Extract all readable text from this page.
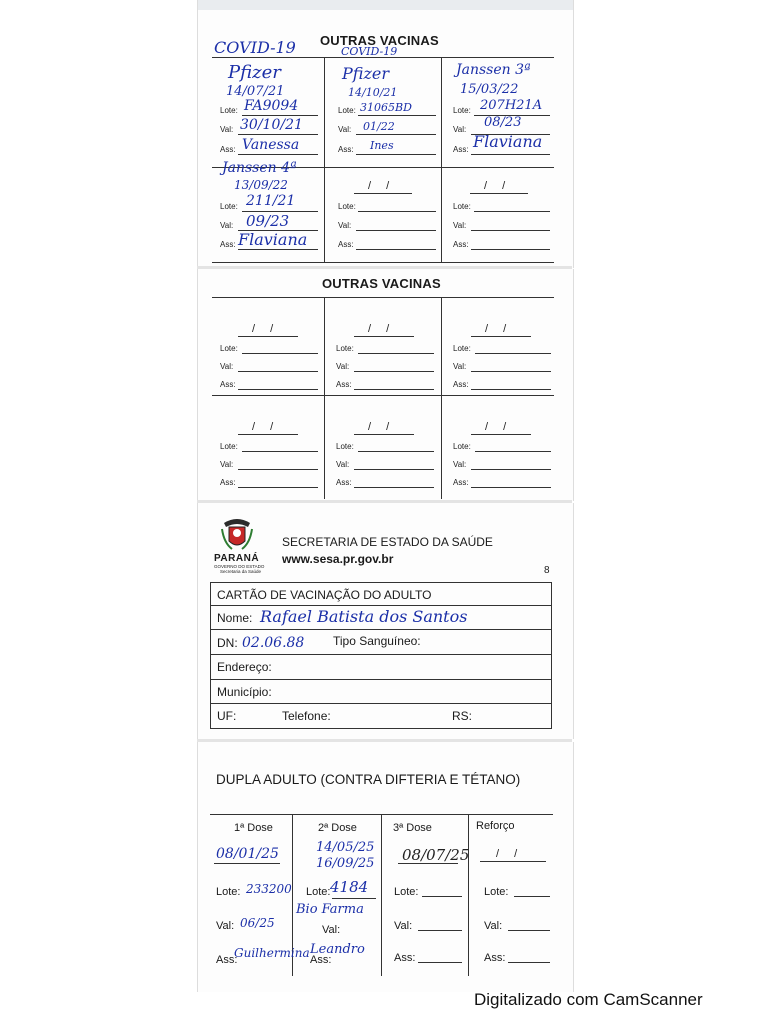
OUTRAS VACINAS
COVID-19	COVID-19
Pfizer
14/07/21
Lote: FA9094
Val: 30/10/21
Ass: Vanessa
Pfizer
14/10/21
Lote: 31065BD
Val: 01/22
Ass: Ines
Janssen 3ª
15/03/22
Lote: 207H21A
Val: 08/23
Ass: Flaviana
Janssen 4ª
13/09/22
Lote: 211/21
Val: 09/23
Ass: Flaviana
/ /
Lote:
Val:
Ass:
/ /
Lote:
Val:
Ass:
OUTRAS VACINAS
/ /
Lote:
Val:
Ass:
/ /
Lote:
Val:
Ass:
/ /
Lote:
Val:
Ass:
/ /
Lote:
Val:
Ass:
/ /
Lote:
Val:
Ass:
/ /
Lote:
Val:
Ass:
PARANÁ
GOVERNO DO ESTADO
Secretaria da Saúde
SECRETARIA DE ESTADO DA SAÚDE
www.sesa.pr.gov.br
8
CARTÃO DE VACINAÇÃO DO ADULTO
Nome: Rafael Batista dos Santos
DN: 02.06.88 Tipo Sanguíneo:
Endereço:
Município:
UF:	Telefone:	RS:
DUPLA ADULTO (CONTRA DIFTERIA E TÉTANO)
1ª Dose
08/01/25
Lote: 233200
Val: 06/25
Ass:
Guilhermina
2ª Dose
14/05/25
16/09/25
Lote: 4184
Val:
Bio Farma
Ass:
Leandro
3ª Dose
08/07/25
Lote:
Val:
Ass:
Reforço
/ /
Lote:
Val:
Ass:
Digitalizado com CamScanner
